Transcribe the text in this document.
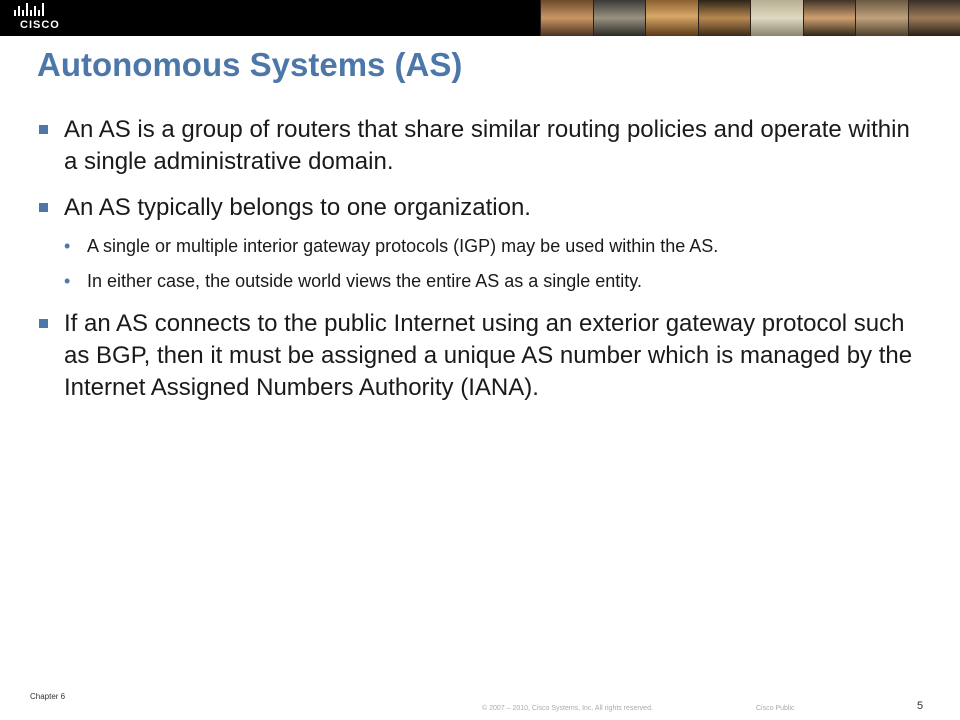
CISCO
Autonomous Systems (AS)
An AS is a group of routers that share similar routing policies and operate within a single administrative domain.
An AS typically belongs to one organization.
• A single or multiple interior gateway protocols (IGP) may be used within the AS.
• In either case, the outside world views the entire AS as a single entity.
If an AS connects to the public Internet using an exterior gateway protocol such as BGP, then it must be assigned a unique AS number which is managed by the Internet Assigned Numbers Authority (IANA).
Chapter 6
© 2007 – 2010, Cisco Systems, Inc. All rights reserved.	Cisco Public	5
